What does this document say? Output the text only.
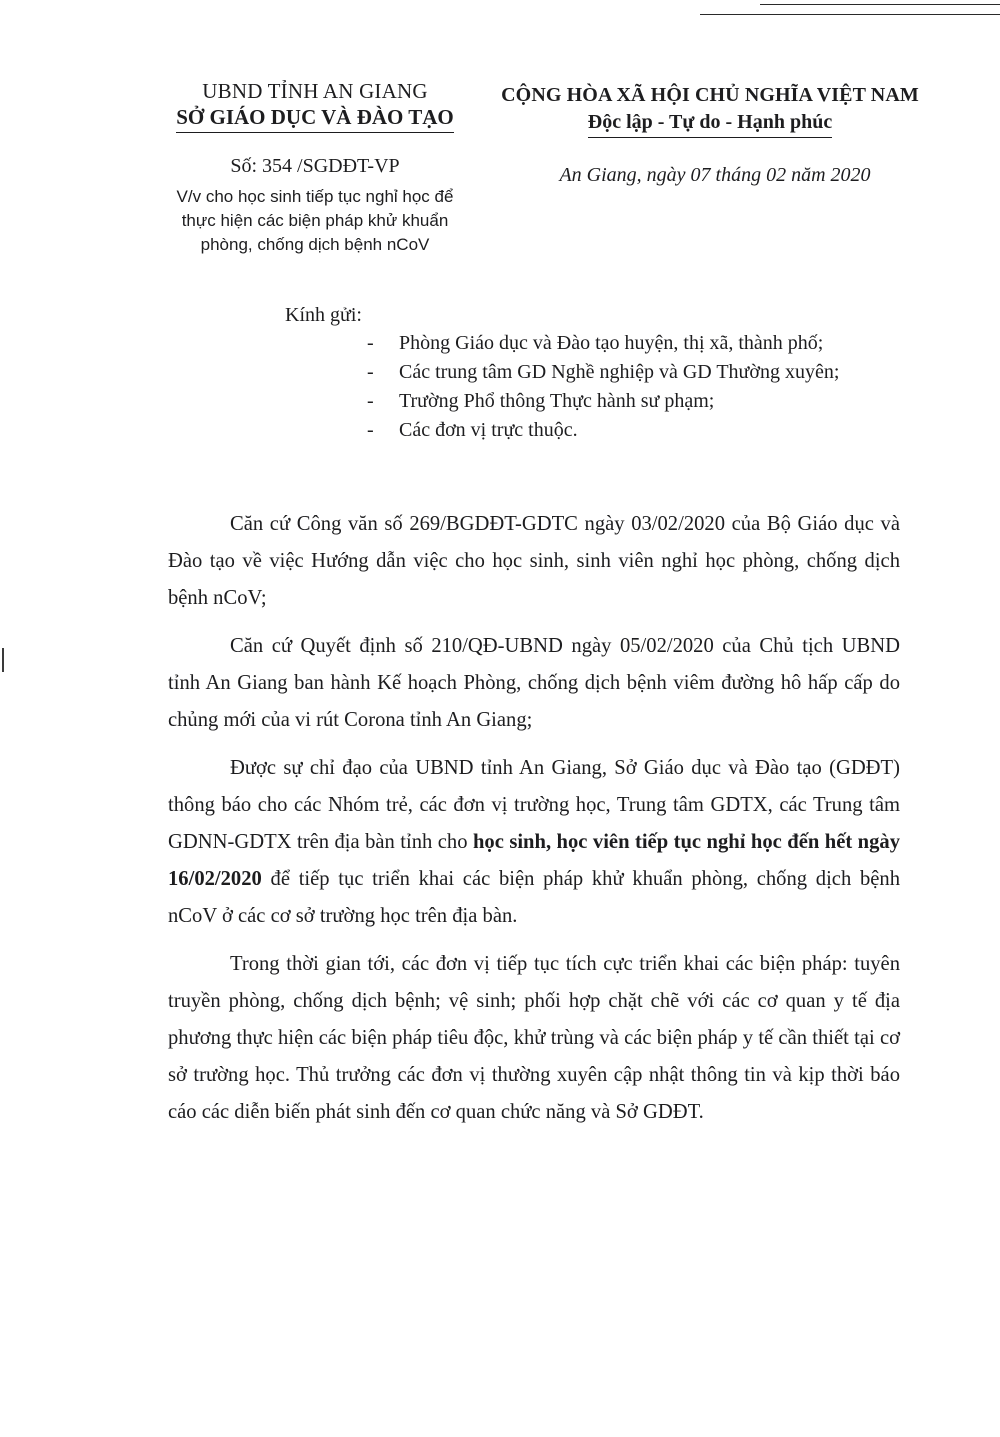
UBND TỈNH AN GIANG
SỞ GIÁO DỤC VÀ ĐÀO TẠO
Số: 354 /SGDĐT-VP
V/v cho học sinh tiếp tục nghỉ học để
thực hiện các biện pháp khử khuẩn
phòng, chống dịch bệnh nCoV
CỘNG HÒA XÃ HỘI CHỦ NGHĨA VIỆT NAM
Độc lập - Tự do - Hạnh phúc
An Giang, ngày 07 tháng 02 năm 2020
Kính gửi:
- Phòng Giáo dục và Đào tạo huyện, thị xã, thành phố;
- Các trung tâm GD Nghề nghiệp và GD Thường xuyên;
- Trường Phổ thông Thực hành sư phạm;
- Các đơn vị trực thuộc.

Căn cứ Công văn số 269/BGDĐT-GDTC ngày 03/02/2020 của Bộ Giáo dục và Đào tạo về việc Hướng dẫn việc cho học sinh, sinh viên nghỉ học phòng, chống dịch bệnh nCoV;

Căn cứ Quyết định số 210/QĐ-UBND ngày 05/02/2020 của Chủ tịch UBND tỉnh An Giang ban hành Kế hoạch Phòng, chống dịch bệnh viêm đường hô hấp cấp do chủng mới của vi rút Corona tỉnh An Giang;

Được sự chỉ đạo của UBND tỉnh An Giang, Sở Giáo dục và Đào tạo (GDĐT) thông báo cho các Nhóm trẻ, các đơn vị trường học, Trung tâm GDTX, các Trung tâm GDNN-GDTX trên địa bàn tỉnh cho học sinh, học viên tiếp tục nghỉ học đến hết ngày 16/02/2020 để tiếp tục triển khai các biện pháp khử khuẩn phòng, chống dịch bệnh nCoV ở các cơ sở trường học trên địa bàn.

Trong thời gian tới, các đơn vị tiếp tục tích cực triển khai các biện pháp: tuyên truyền phòng, chống dịch bệnh; vệ sinh; phối hợp chặt chẽ với các cơ quan y tế địa phương thực hiện các biện pháp tiêu độc, khử trùng và các biện pháp y tế cần thiết tại cơ sở trường học. Thủ trưởng các đơn vị thường xuyên cập nhật thông tin và kịp thời báo cáo các diễn biến phát sinh đến cơ quan chức năng và Sở GDĐT.
